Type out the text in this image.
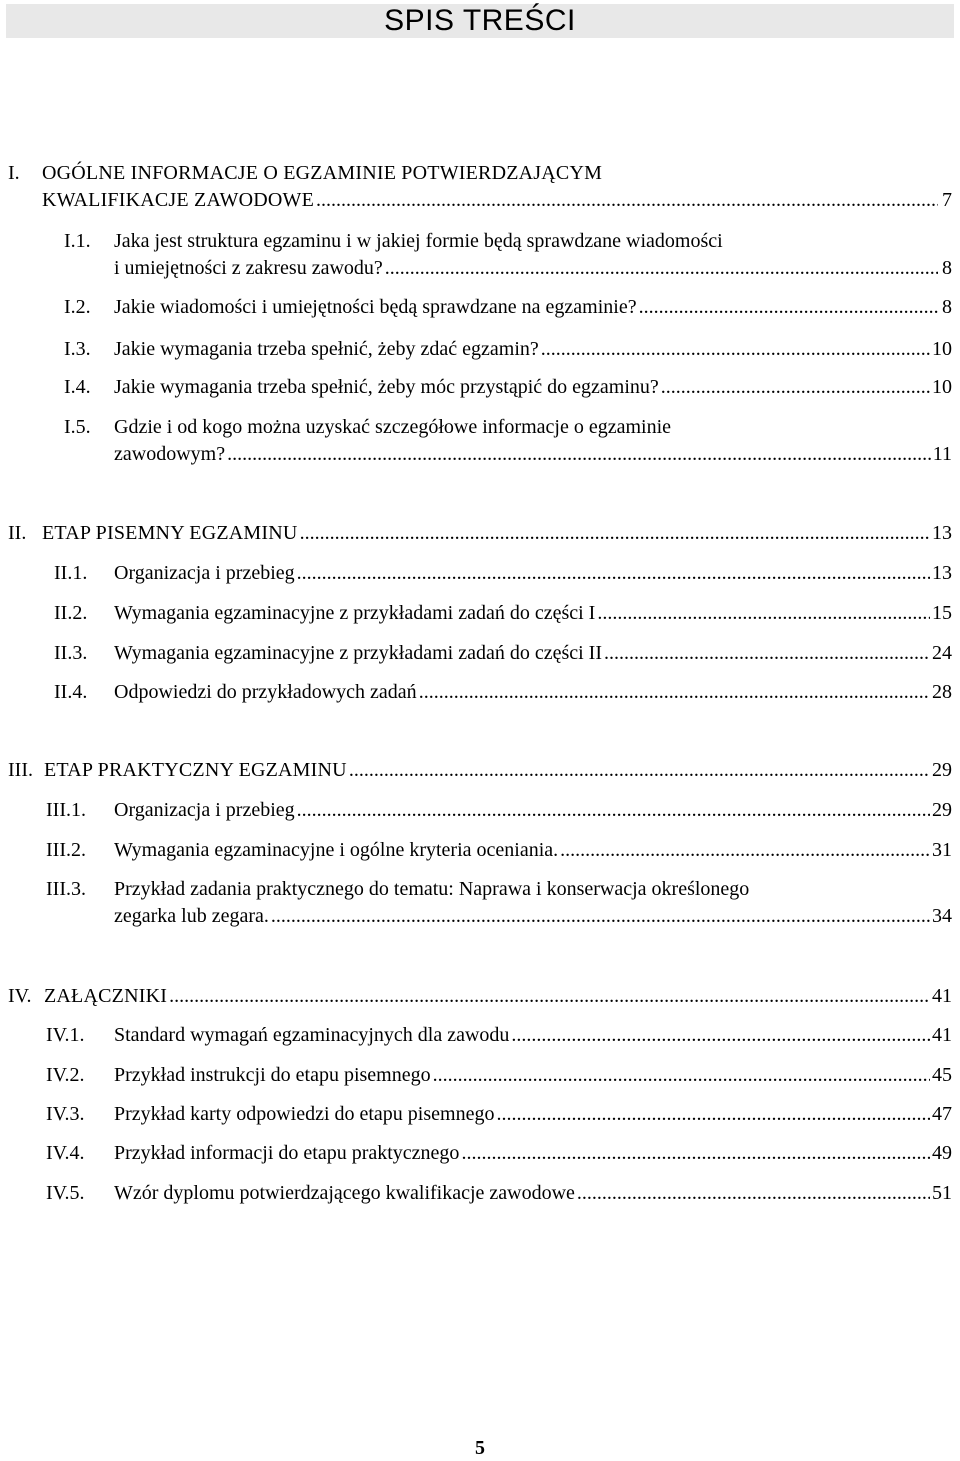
SPIS TREŚCI
I. OGÓLNE INFORMACJE O EGZAMINIE POTWIERDZAJĄCYM
KWALIFIKACJE ZAWODOWE .....	7
I.1. Jaka jest struktura egzaminu i w jakiej formie będą sprawdzane wiadomości
i umiejętności z zakresu zawodu? .....	8
I.2. Jakie wiadomości i umiejętności będą sprawdzane na egzaminie? .....	8
I.3. Jakie wymagania trzeba spełnić, żeby zdać egzamin? .....	10
I.4. Jakie wymagania trzeba spełnić, żeby móc przystąpić do egzaminu? .....	10
I.5. Gdzie i od kogo można uzyskać szczegółowe informacje o egzaminie
zawodowym? .....	11
II. ETAP PISEMNY EGZAMINU .....	13
II.1. Organizacja i przebieg .....	13
II.2. Wymagania egzaminacyjne z przykładami zadań do części I .....	15
II.3. Wymagania egzaminacyjne z przykładami zadań do części II .....	24
II.4. Odpowiedzi do przykładowych zadań .....	28
III. ETAP PRAKTYCZNY EGZAMINU .....	29
III.1. Organizacja i przebieg .....	29
III.2. Wymagania egzaminacyjne i ogólne kryteria oceniania. .....	31
III.3. Przykład zadania praktycznego do tematu: Naprawa i konserwacja określonego
zegarka lub zegara. .....	34
IV. ZAŁĄCZNIKI .....	41
IV.1. Standard wymagań egzaminacyjnych dla zawodu .....	41
IV.2. Przykład instrukcji do etapu pisemnego .....	45
IV.3. Przykład karty odpowiedzi do etapu pisemnego .....	47
IV.4. Przykład informacji do etapu praktycznego .....	49
IV.5. Wzór dyplomu potwierdzającego kwalifikacje zawodowe .....	51
5
